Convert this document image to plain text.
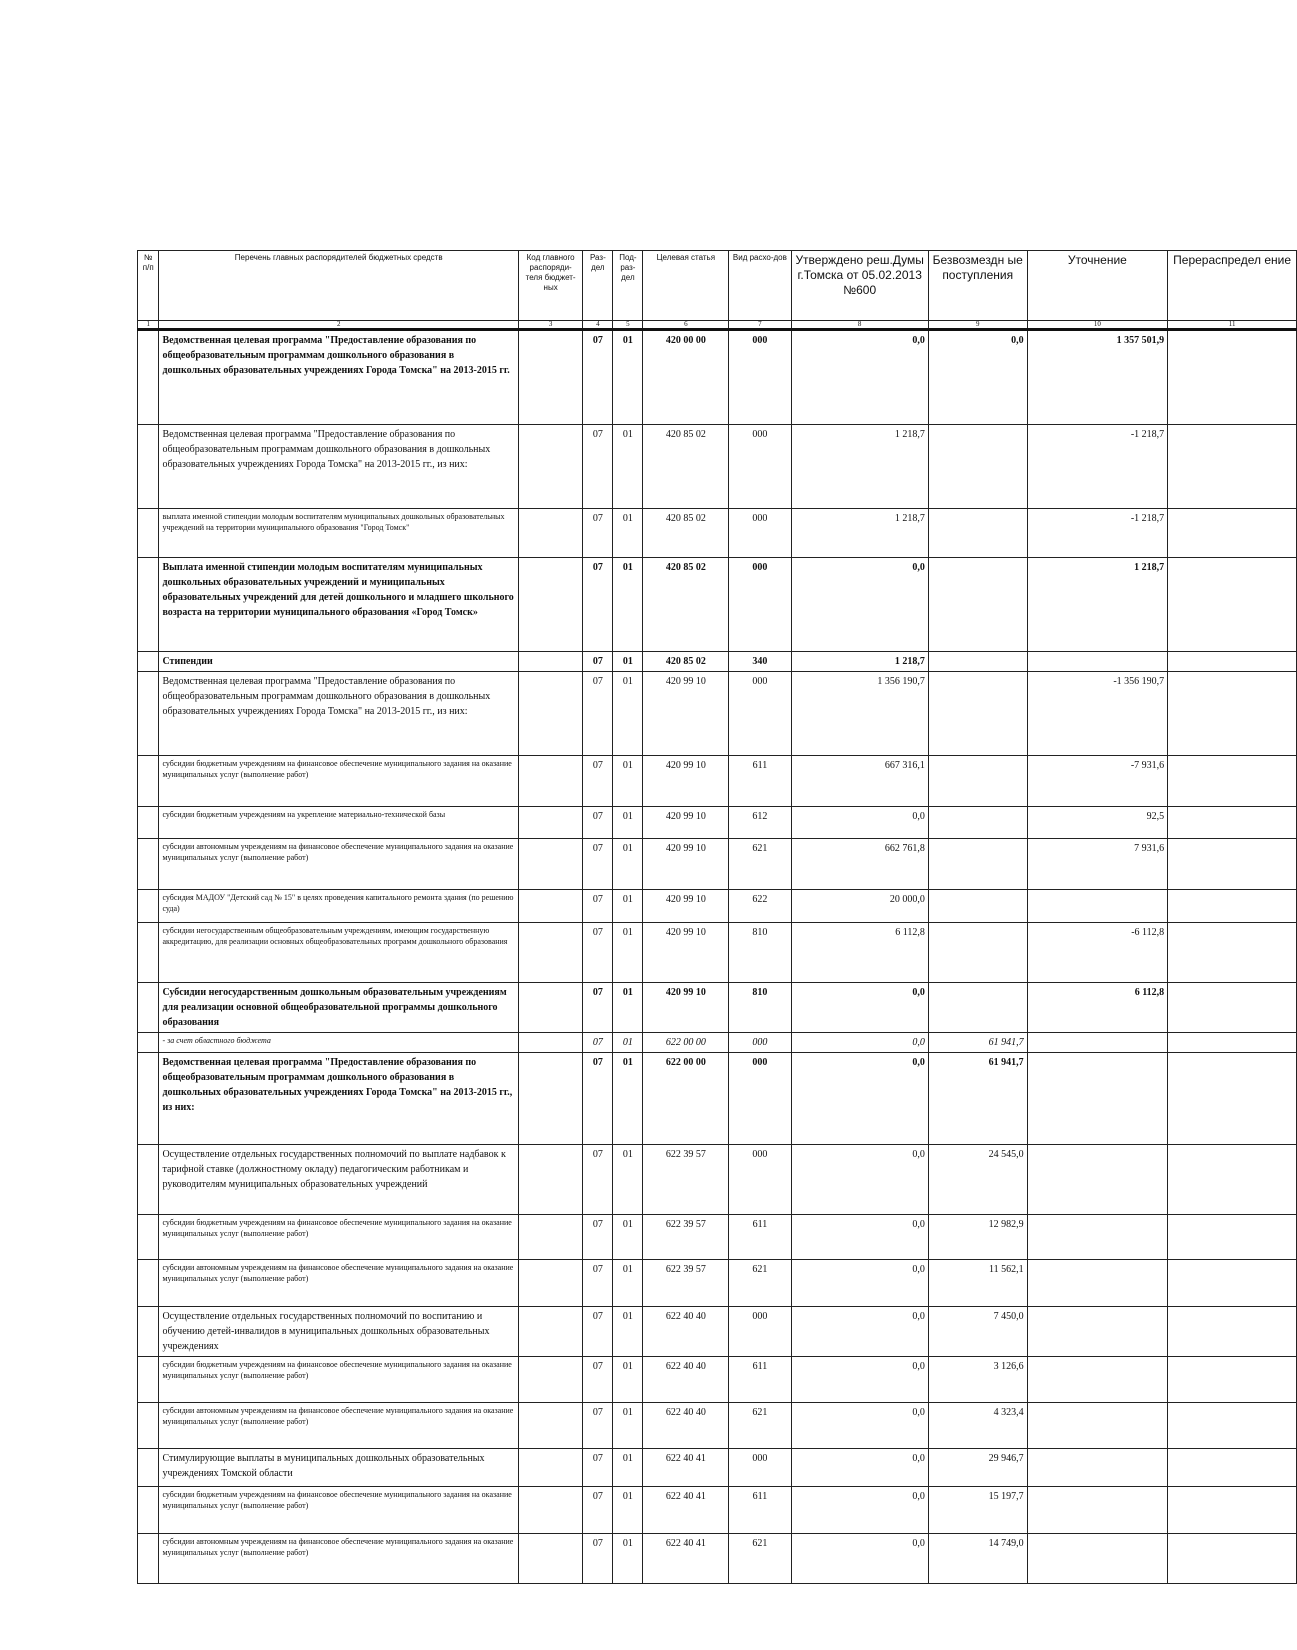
№ п/п	Перечень главных распорядителей бюджетных средств	Код главного распоряди-теля бюджет-ных	Раз-дел	Под-раз-дел	Целевая статья	Вид расхо-дов	Утверждено реш.Думы г.Томска от 05.02.2013 №600	Безвозмездн ые поступления	Уточнение	Перераспредел ение
1	2	3	4	5	6	7	8	9	10	11
	Ведомственная целевая программа "Предоставление образования по общеобразовательным программам дошкольного образования в дошкольных образовательных учреждениях Города Томска" на 2013-2015 гг.		07	01	420 00 00	000	0,0	0,0	1 357 501,9	
	Ведомственная целевая программа "Предоставление образования по общеобразовательным программам дошкольного образования в дошкольных образовательных учреждениях Города Томска" на 2013-2015 гг., из них:		07	01	420 85 02	000	1 218,7		-1 218,7	
	выплата именной стипендии молодым воспитателям муниципальных дошкольных образовательных учреждений на территории муниципального образования "Город Томск"		07	01	420 85 02	000	1 218,7		-1 218,7	
	Выплата именной стипендии молодым воспитателям муниципальных дошкольных образовательных учреждений и муниципальных образовательных учреждений для детей дошкольного и младшего школьного возраста на территории муниципального образования «Город Томск»		07	01	420 85 02	000	0,0		1 218,7	
	Стипендии		07	01	420 85 02	340	1 218,7			
	Ведомственная целевая программа "Предоставление образования по общеобразовательным программам дошкольного образования в дошкольных образовательных учреждениях Города Томска" на 2013-2015 гг., из них:		07	01	420 99 10	000	1 356 190,7		-1 356 190,7	
	субсидии бюджетным учреждениям на финансовое обеспечение муниципального задания на оказание муниципальных услуг (выполнение работ)		07	01	420 99 10	611	667 316,1		-7 931,6	
	субсидии бюджетным учреждениям на укрепление материально-технической базы		07	01	420 99 10	612	0,0		92,5	
	субсидии автономным учреждениям на финансовое обеспечение муниципального задания на оказание муниципальных услуг (выполнение работ)		07	01	420 99 10	621	662 761,8		7 931,6	
	субсидия МАДОУ "Детский сад № 15" в целях проведения капитального ремонта здания (по решению суда)		07	01	420 99 10	622	20 000,0			
	субсидии негосударственным общеобразовательным учреждениям, имеющим государственную аккредитацию, для реализации основных общеобразовательных программ дошкольного образования		07	01	420 99 10	810	6 112,8		-6 112,8	
	Субсидии негосударственным дошкольным образовательным учреждениям для реализации основной общеобразовательной программы дошкольного образования		07	01	420 99 10	810	0,0		6 112,8	
	- за счет областного бюджета		07	01	622 00 00	000	0,0	61 941,7		
	Ведомственная целевая программа "Предоставление образования по общеобразовательным программам дошкольного образования в дошкольных образовательных учреждениях Города Томска" на 2013-2015 гг., из них:		07	01	622 00 00	000	0,0	61 941,7		
	Осуществление отдельных государственных полномочий по выплате надбавок к тарифной ставке (должностному окладу) педагогическим работникам и руководителям муниципальных образовательных учреждений		07	01	622 39 57	000	0,0	24 545,0		
	субсидии бюджетным учреждениям на финансовое обеспечение муниципального задания на оказание муниципальных услуг (выполнение работ)		07	01	622 39 57	611	0,0	12 982,9		
	субсидии автономным учреждениям на финансовое обеспечение муниципального задания на оказание муниципальных услуг (выполнение работ)		07	01	622 39 57	621	0,0	11 562,1		
	Осуществление отдельных государственных полномочий по воспитанию и обучению детей-инвалидов в муниципальных дошкольных образовательных учреждениях		07	01	622 40 40	000	0,0	7 450,0		
	субсидии бюджетным учреждениям на финансовое обеспечение муниципального задания на оказание муниципальных услуг (выполнение работ)		07	01	622 40 40	611	0,0	3 126,6		
	субсидии автономным учреждениям на финансовое обеспечение муниципального задания на оказание муниципальных услуг (выполнение работ)		07	01	622 40 40	621	0,0	4 323,4		
	Стимулирующие выплаты в муниципальных дошкольных образовательных учреждениях Томской области		07	01	622 40 41	000	0,0	29 946,7		
	субсидии бюджетным учреждениям на финансовое обеспечение муниципального задания на оказание муниципальных услуг (выполнение работ)		07	01	622 40 41	611	0,0	15 197,7		
	субсидии автономным учреждениям на финансовое обеспечение муниципального задания на оказание муниципальных услуг (выполнение работ)		07	01	622 40 41	621	0,0	14 749,0		
